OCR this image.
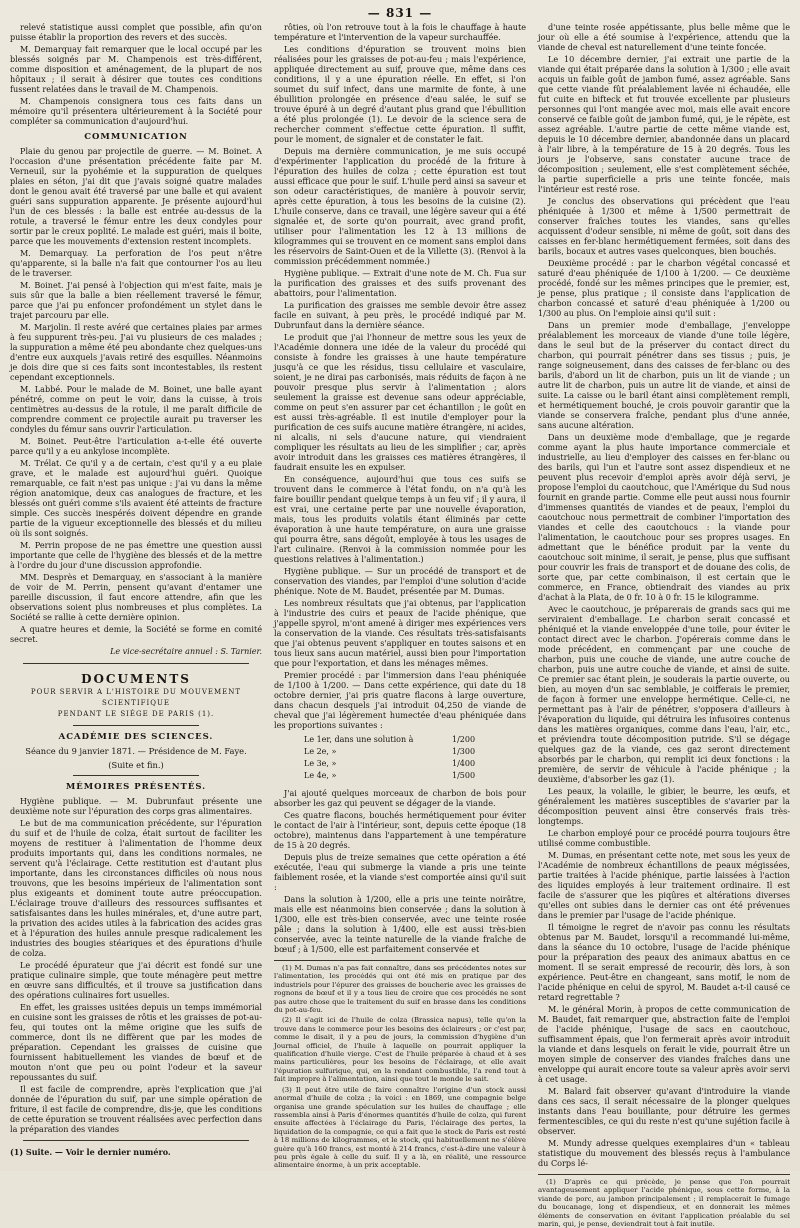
— 831 —

relevé statistique aussi complet que possible, afin qu'on puisse établir la proportion des revers et des succès.

M. Demarquay fait remarquer que le local occupé par les blessés soignés par M. Champenois est très-différent, comme disposition et aménagement, de la plupart de nos hôpitaux ; il serait à désirer que toutes ces conditions fussent relatées dans le travail de M. Champenois.

M. Champenois consignera tous ces faits dans un mémoire qu'il présentera ultérieurement à la Société pour compléter sa communication d'aujourd'hui.

COMMUNICATION

Plaie du genou par projectile de guerre. — M. Boinet. A l'occasion d'une présentation précédente faite par M. Verneuil, sur la pyohémie et la suppuration de quelques plaies en séton, j'ai dit que j'avais soigné quatre malades dont le genou avait été traversé par une balle et qui avaient guéri sans suppuration apparente. Je présente aujourd'hui l'un de ces blessés : la balle est entrée au-dessus de la rotule, a traversé le fémur entre les deux condyles pour sortir par le creux poplité. Le malade est guéri, mais il boite, parce que les mouvements d'extension restent incomplets.

M. Demarquay. La perforation de l'os peut n'être qu'apparente, si la balle n'a fait que contourner l'os au lieu de le traverser.

M. Boinet. J'ai pensé à l'objection qui m'est faite, mais je suis sûr que la balle a bien réellement traversé le fémur, parce que j'ai pu enfoncer profondément un stylet dans le trajet parcouru par elle.

M. Marjolin. Il reste avéré que certaines plaies par armes à feu suppurent très-peu. J'ai vu plusieurs de ces malades ; la suppuration a même été peu abondante chez quelques-uns d'entre eux auxquels j'avais retiré des esquilles. Néanmoins je dois dire que si ces faits sont incontestables, ils restent cependant exceptionnels.

M. Labbé. Pour le malade de M. Boinet, une balle ayant pénétré, comme on peut le voir, dans la cuisse, à trois centimètres au-dessus de la rotule, il me paraît difficile de comprendre comment ce projectile aurait pu traverser les condyles du fémur sans ouvrir l'articulation.

M. Boinet. Peut-être l'articulation a-t-elle été ouverte parce qu'il y a eu ankylose incomplète.

M. Trélat. Ce qu'il y a de certain, c'est qu'il y a eu plaie grave, et le malade est aujourd'hui guéri. Quoique remarquable, ce fait n'est pas unique : j'ai vu dans la même région anatomique, deux cas analogues de fracture, et les blessés ont guéri comme s'ils avaient été atteints de fracture simple. Ces succès inespérés doivent dépendre en grande partie de la vigueur exceptionnelle des blessés et du milieu où ils sont soignés.

M. Perrin propose de ne pas émettre une question aussi importante que celle de l'hygiène des blessés et de la mettre à l'ordre du jour d'une discussion approfondie.

MM. Desprès et Demarquay, en s'associant à la manière de voir de M. Perrin, pensent qu'avant d'entamer une pareille discussion, il faut encore attendre, afin que les observations soient plus nombreuses et plus complètes. La Société se rallie à cette dernière opinion.

A quatre heures et demie, la Société se forme en comité secret.

Le vice-secrétaire annuel : S. Tarnier.
DOCUMENTS
POUR SERVIR A L'HISTOIRE DU MOUVEMENT SCIENTIFIQUE
PENDANT LE SIÉGE DE PARIS (1).
ACADÉMIE DES SCIENCES.
Séance du 9 janvier 1871. — Présidence de M. Faye.
(Suite et fin.)
MÉMOIRES PRÉSENTÉS.

Hygiène publique. — M. Dubrunfaut présente une deuxième note sur l'épuration des corps gras alimentaires.

Le but de ma communication précédente, sur l'épuration du suif et de l'huile de colza, était surtout de faciliter les moyens de restituer à l'alimentation de l'homme deux produits importants qui, dans les conditions normales, ne servent qu'à l'éclairage. Cette restitution est d'autant plus importante, dans les circonstances difficiles où nous nous trouvons, que les besoins impérieux de l'alimentation sont plus exigeants et dominent toute autre préoccupation. L'éclairage trouve d'ailleurs des ressources suffisantes et satisfaisantes dans les huiles minérales, et, d'une autre part, la privation des acides utiles à la fabrication des acides gras et à l'épuration des huiles annule presque radicalement les industries des bougies stéariques et des épurations d'huile de colza.

Le procédé épurateur que j'ai décrit est fondé sur une pratique culinaire simple, que toute ménagère peut mettre en œuvre sans difficultés, et il trouve sa justification dans des opérations culinaires fort usuelles.

En effet, les graisses usitées depuis un temps immémorial en cuisine sont les graisses de rôtis et les graisses de pot-au-feu, qui toutes ont la même origine que les suifs de commerce, dont ils ne diffèrent que par les modes de préparation. Cependant les graisses de cuisine que fournissent habituellement les viandes de bœuf et de mouton n'ont que peu ou point l'odeur et la saveur repoussantes du suif.

Il est facile de comprendre, après l'explication que j'ai donnée de l'épuration du suif, par une simple opération de friture, il est facile de comprendre, dis-je, que les conditions de cette épuration se trouvent réalisées avec perfection dans la préparation des viandes

(1) Suite. — Voir le dernier numéro.

rôties, où l'on retrouve tout à la fois le chauffage à haute température et l'intervention de la vapeur surchauffée.

Les conditions d'épuration se trouvent moins bien réalisées pour les graisses de pot-au-feu ; mais l'expérience, appliquée directement au suif, prouve que, même dans ces conditions, il y a une épuration réelle. En effet, si l'on soumet du suif infect, dans une marmite de fonte, à une ébullition prolongée en présence d'eau salée, le suif se trouve épuré à un degré d'autant plus grand que l'ébullition a été plus prolongée (1). Le devoir de la science sera de rechercher comment s'effectue cette épuration. Il suffit, pour le moment, de signaler et de constater le fait.

Depuis ma dernière communication, je me suis occupé d'expérimenter l'application du procédé de la friture à l'épuration des huiles de colza ; cette épuration est tout aussi efficace que pour le suif. L'huile perd ainsi sa saveur et son odeur caractéristiques, de manière à pouvoir servir, après cette épuration, à tous les besoins de la cuisine (2). L'huile conserve, dans ce travail, une légère saveur qui a été signalée et, de sorte qu'on pourrait, avec grand profit, utiliser pour l'alimentation les 12 à 13 millions de kilogrammes qui se trouvent en ce moment sans emploi dans les réservoirs de Saint-Ouen et de la Villette (3). (Renvoi à la commission précédemment nommée.)

Hygiène publique. — Extrait d'une note de M. Ch. Fua sur la purification des graisses et des suifs provenant des abattoirs, pour l'alimentation.

La purification des graisses me semble devoir être assez facile en suivant, à peu près, le procédé indiqué par M. Dubrunfaut dans la dernière séance.

Le produit que j'ai l'honneur de mettre sous les yeux de l'Académie donnera une idée de la valeur du procédé qui consiste à fondre les graisses à une haute température jusqu'à ce que les résidus, tissu cellulaire et vasculaire, soient, je ne dirai pas carbonisés, mais réduits de façon à ne pouvoir presque plus servir à l'alimentation ; alors seulement la graisse est devenue sans odeur appréciable, comme on peut s'en assurer par cet échantillon ; le goût en est aussi très-agréable. Il est inutile d'employer pour la purification de ces suifs aucune matière étrangère, ni acides, ni alcalis, ni sels d'aucune nature, qui viendraient compliquer les résultats au lieu de les simplifier ; car, après avoir introduit dans les graisses ces matières étrangères, il faudrait ensuite les en expulser.

En conséquence, aujourd'hui que tous ces suifs se trouvent dans le commerce à l'état fondu, on n'a qu'à les faire bouillir pendant quelque temps à un feu vif ; il y aura, il est vrai, une certaine perte par une nouvelle évaporation, mais, tous les produits volatils étant éliminés par cette évaporation à une haute température, on aura une graisse qui pourra être, sans dégoût, employée à tous les usages de l'art culinaire. (Renvoi à la commission nommée pour les questions relatives à l'alimentation.)

Hygiène publique. — Sur un procédé de transport et de conservation des viandes, par l'emploi d'une solution d'acide phénique. Note de M. Baudet, présentée par M. Dumas.

Les nombreux résultats que j'ai obtenus, par l'application à l'industrie des cuirs et peaux de l'acide phénique, que j'appelle spyrol, m'ont amené à diriger mes expériences vers la conservation de la viande. Ces résultats très-satisfaisants que j'ai obtenus peuvent s'appliquer en toutes saisons et en tous lieux sans aucun matériel, aussi bien pour l'importation que pour l'exportation, et dans les ménages mêmes.

Premier procédé : par l'immersion dans l'eau phéniquée de 1/100 à 1/200. — Dans cette expérience, qui date du 18 octobre dernier, j'ai pris quatre flacons à large ouverture, dans chacun desquels j'ai introduit 04,250 de viande de cheval que j'ai légèrement humectée d'eau phéniquée dans les proportions suivantes :

Le 1er, dans une solution à	1/200
Le 2e, »	1/300
Le 3e, »	1/400
Le 4e, »	1/500

J'ai ajouté quelques morceaux de charbon de bois pour absorber les gaz qui peuvent se dégager de la viande.

Ces quatre flacons, bouchés hermétiquement pour éviter le contact de l'air à l'intérieur, sont, depuis cette époque (18 octobre), maintenus dans l'appartement à une température de 15 à 20 degrés.

Depuis plus de treize semaines que cette opération a été exécutée, l'eau qui submerge la viande a pris une teinte faiblement rosée, et la viande s'est comportée ainsi qu'il suit :

Dans la solution à 1/200, elle a pris une teinte noirâtre, mais elle est néanmoins bien conservée ; dans la solution à 1/300, elle est très-bien conservée, avec une teinte rosée pâle ; dans la solution à 1/400, elle est aussi très-bien conservée, avec la teinte naturelle de la viande fraîche de bœuf ; à 1/500, elle est parfaitement conservée et

(1) M. Dumas n'a pas fait connaître, dans ses précédentes notes sur l'alimentation, les procédés qui ont été mis en pratique par des industriels pour l'épurer des graisses de boucherie avec les graisses de rognons de bœuf et il y a tous lieu de croire que ces procédés ne sont pas autre chose que le traitement du suif en brasse dans les conditions du pot-au-feu.

(2) Il s'agit ici de l'huile de colza (Brassica napus), telle qu'on la trouve dans le commerce pour les besoins des éclaireurs ; or c'est par, comme le disait, il y a peu de jours, la commission d'hygiène d'un Journal officiel, de l'huile à laquelle on pourrait appliquer la qualification d'huile vierge. C'est de l'huile préparée à chaud et à ses mains particulières, pour les besoins de l'éclairage, et elle avait l'épuration sulfurique, qui, en la rendant combustible, l'a rend tout à fait impropre à l'alimentation, ainsi que tout le monde le sait.

(3) Il peut être utile de faire connaître l'origine d'un stock aussi anormal d'huile de colza ; la voici : en 1869, une compagnie belge organisa une grande spéculation sur les huiles de chauffage ; elle rassembla ainsi à Paris d'énormes quantités d'huile de colza, qui furent ensuite affectées à l'éclairage du Paris, l'éclairage des pertes, la liquidation de la compagnie, ce qui a fait que le stock de Paris est resté à 18 millions de kilogrammes, et le stock, qui habituellement ne s'élève guère qu'à 160 francs, est monté à 214 francs, c'est-à-dire une valeur à peu près égale à celle du suif. Il y a là, en réalité, une ressource alimentaire énorme, à un prix acceptable.

d'une teinte rosée appétissante, plus belle même que le jour où elle a été soumise à l'expérience, attendu que la viande de cheval est naturellement d'une teinte foncée.

Le 10 décembre dernier, j'ai extrait une partie de la viande qui était préparée dans la solution à 1/300 ; elle avait acquis un faible goût de jambon fumé, assez agréable. Sans que cette viande fût préalablement lavée ni échaudée, elle fut cuite en bifteck et fut trouvée excellente par plusieurs personnes qui l'ont mangée avec moi, mais elle avait encore conservé ce faible goût de jambon fumé, qui, je le répète, est assez agréable. L'autre partie de cette même viande est, depuis le 10 décembre dernier, abandonnée dans un placard à l'air libre, à la température de 15 à 20 degrés. Tous les jours je l'observe, sans constater aucune trace de décomposition ; seulement, elle s'est complètement séchée, la partie superficielle a pris une teinte foncée, mais l'intérieur est resté rose.

Je conclus des observations qui précèdent que l'eau phéniquée à 1/300 et même à 1/500 permettrait de conserver fraîches toutes les viandes, sans qu'elles acquissent d'odeur sensible, ni même de goût, soit dans des caisses en fer-blanc hermétiquement fermées, soit dans des barils, bocaux et autres vases quelconques, bien bouchés.

Deuxième procédé : par le charbon végétal concassé et saturé d'eau phéniquée de 1/100 à 1/200. — Ce deuxième procédé, fondé sur les mêmes principes que le premier, est, je pense, plus pratique ; il consiste dans l'application de charbon concassé et saturé d'eau phéniquée à 1/200 ou 1/300 au plus. On l'emploie ainsi qu'il suit :

Dans un premier mode d'emballage, j'enveloppe préalablement les morceaux de viande d'une toile légère, dans le seul but de la préserver du contact direct du charbon, qui pourrait pénétrer dans ses tissus ; puis, je range soigneusement, dans des caisses de fer-blanc ou des barils, d'abord un lit de charbon, puis un lit de viande ; un autre lit de charbon, puis un autre lit de viande, et ainsi de suite. La caisse ou le baril étant ainsi complètement rempli, et hermétiquement bouché, je crois pouvoir garantir que la viande se conservera fraîche, pendant plus d'une année, sans aucune altération.

Dans un deuxième mode d'emballage, que je regarde comme ayant la plus haute importance commerciale et industrielle, au lieu d'employer des caisses en fer-blanc ou des barils, qui l'un et l'autre sont assez dispendieux et ne peuvent plus recevoir d'emploi après avoir déjà servi, je propose l'emploi du caoutchouc, que l'Amérique du Sud nous fournit en grande partie. Comme elle peut aussi nous fournir d'immenses quantités de viandes et de peaux, l'emploi du caoutchouc nous permettrait de combiner l'importation des viandes et celle des caoutchoucs : la viande pour l'alimentation, le caoutchouc pour ses propres usages. En admettant que le bénéfice produit par la vente du caoutchouc soit minime, il serait, je pense, plus que suffisant pour couvrir les frais de transport et de douane des colis, de sorte que, par cette combinaison, il est certain que le commerce, en France, obtiendrait des viandes au prix d'achat à la Plata, de 0 fr. 10 à 0 fr. 15 le kilogramme.

Avec le caoutchouc, je préparerais de grands sacs qui me serviraient d'emballage. Le charbon serait concassé et phéniqué et la viande enveloppée d'une toile, pour éviter le contact direct avec le charbon. J'opérerais comme dans le mode précédent, en commençant par une couche de charbon, puis une couche de viande, une autre couche de charbon, puis une autre couche de viande, et ainsi de suite. Ce premier sac étant plein, je souderais la partie ouverte, ou bien, au moyen d'un sac semblable, je coifferais le premier, de façon à former une enveloppe hermétique. Celle-ci, ne permettant pas à l'air de pénétrer, s'opposera d'ailleurs à l'évaporation du liquide, qui détruira les infusoires contenus dans les matières organiques, comme dans l'eau, l'air, etc., et préviendra toute décomposition putride. S'il se dégage quelques gaz de la viande, ces gaz seront directement absorbés par le charbon, qui remplit ici deux fonctions : la première, de servir de véhicule à l'acide phénique ; la deuxième, d'absorber les gaz (1).

Les peaux, la volaille, le gibier, le beurre, les œufs, et généralement les matières susceptibles de s'avarier par la décomposition peuvent ainsi être conservés frais très-longtemps.

Le charbon employé pour ce procédé pourra toujours être utilisé comme combustible.

M. Dumas, en présentant cette note, met sous les yeux de l'Académie de nombreux échantillons de peaux mégissées, partie traitées à l'acide phénique, partie laissées à l'action des liquides employés à leur traitement ordinaire. Il est facile de s'assurer que les piqûres et altérations diverses qu'elles ont subies dans le dernier cas ont été prévenues dans le premier par l'usage de l'acide phénique.

Il témoigne le regret de n'avoir pas connu les résultats obtenus par M. Baudet, lorsqu'il a recommandé lui-même, dans la séance du 10 octobre, l'usage de l'acide phénique pour la préparation des peaux des animaux abattus en ce moment. Il se serait empressé de recourir, dès lors, à son expérience. Peut-être en changeant, sans motif, le nom de l'acide phénique en celui de spyrol, M. Baudet a-t-il causé ce retard regrettable ?

M. le général Morin, à propos de cette communication de M. Baudet, fait remarquer que, abstraction faite de l'emploi de l'acide phénique, l'usage de sacs en caoutchouc, suffisamment épais, que l'on fermerait après avoir introduit la viande et dans lesquels on ferait le vide, pourrait être un moyen simple de conserver des viandes fraîches dans une enveloppe qui aurait encore toute sa valeur après avoir servi à cet usage.

M. Balard fait observer qu'avant d'introduire la viande dans ces sacs, il serait nécessaire de la plonger quelques instants dans l'eau bouillante, pour détruire les germes fermentescibles, ce qui du reste n'est qu'une sujétion facile à observer.

M. Mundy adresse quelques exemplaires d'un « tableau statistique du mouvement des blessés reçus à l'ambulance du Corps lé-

(1) D'après ce qui précède, je pense que l'on pourrait avantageusement appliquer l'acide phénique, sous cette forme, à la viande de porc, au jambon principalement ; il remplacerait le fumage du boucanage, long et dispendieux, et en donnerait les mêmes éléments de conservation en évitant l'application préalable du sel marin, qui, je pense, deviendrait tout à fait inutile.
